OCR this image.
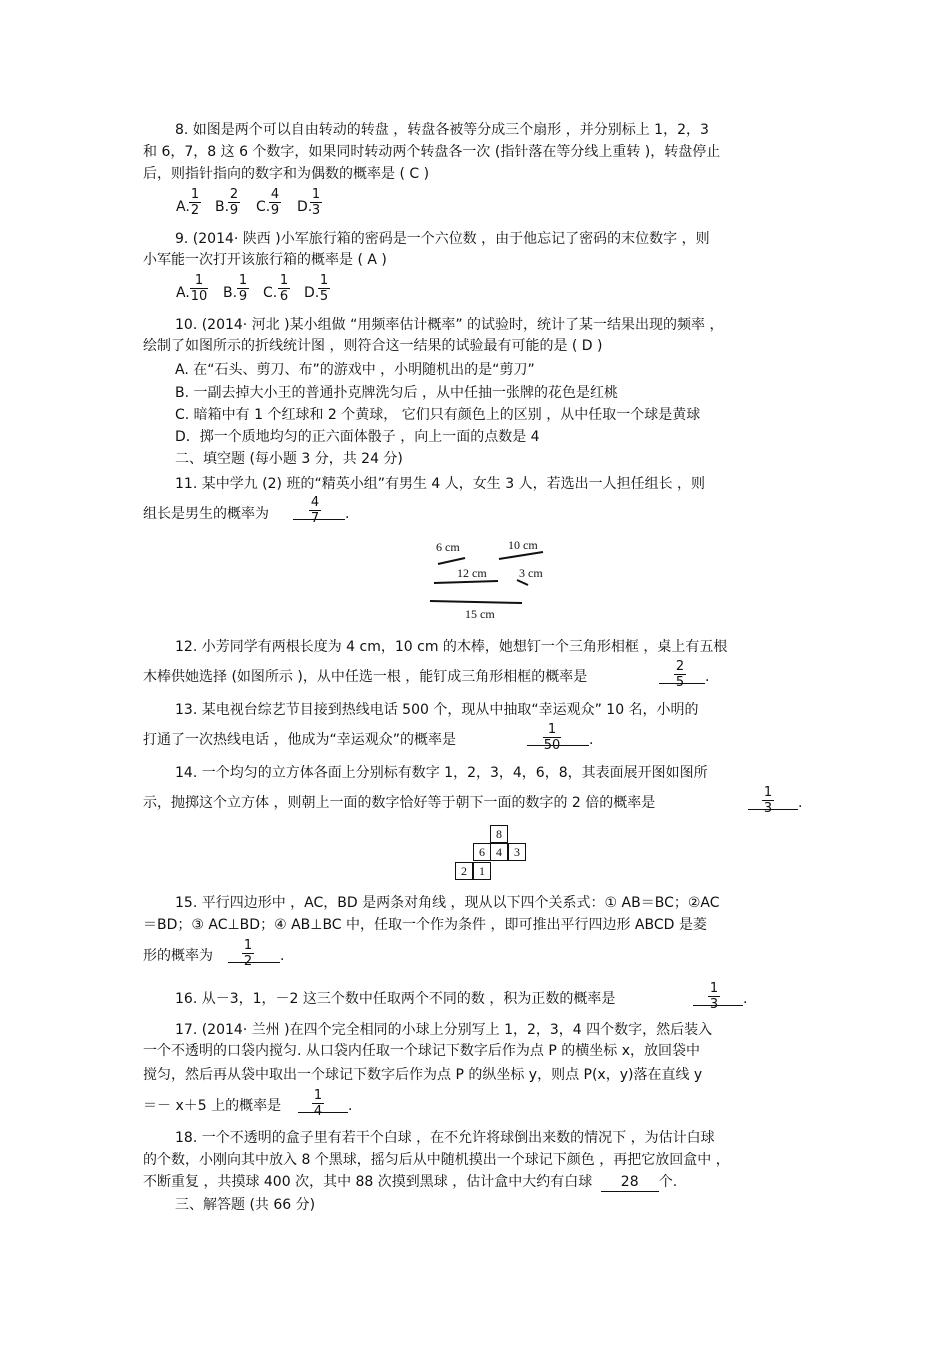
8. 如图是两个可以自由转动的转盘 ，转盘各被等分成三个扇形 ，并分别标上 1，2，3
和 6，7，8 这 6 个数字，如果同时转动两个转盘各一次 (指针落在等分线上重转 )，转盘停止
后，则指针指向的数字和为偶数的概率是 ( C )
A. $\frac{1}{2} B$.
$\frac{2}{9} C$.
$\frac{4}{9} D$.
$\frac{1}{3}$
9. (2014· 陕西 )小军旅行箱的密码是一个六位数 ，由于他忘记了密码的末位数字 ，则
小军能一次打开该旅行箱的概率是 ( A )
A. $\frac{1}{10} B$. $\frac{1}{9} C$. $\frac{1}{6} D$.
$\frac{1}{5}$
10. (2014· 河北 )某小组做 “用频率估计概率” 的试验时，统计了某一结果出现的频率 ，
绘制了如图所示的折线统计图 ，则符合这一结果的试验最有可能的是 ( D )
A. 在“石头、剪刀、布”的游戏中 ，小明随机出的是“剪刀”
B. 一副去掉大小王的普通扑克牌洗匀后 ，从中任抽一张牌的花色是红桃
C. 暗箱中有 1 个红球和 2 个黄球， 它们只有颜色上的区别 ，从中任取一个球是黄球
D．掷一个质地均匀的正六面体骰子 ，向上一面的点数是 4
二、填空题 (每小题 3 分，共 24 分)
11. 某中学九 (2) 班的“精英小组”有男生 4 人，女生 3 人，若选出一人担任组长 ，则
组长是男生的概率为	$\frac{4}{7}$ .
6 cm	10 cm
12 cm	3 cm
15 cm
12. 小芳同学有两根长度为 4 cm，10 cm 的木棒，她想钉一个三角形相框 ，桌上有五根
木棒供她选择 (如图所示 )，从中任选一根 ，能钉成三角形相框的概率是	$\frac{2}{5}$ .
13. 某电视台综艺节目接到热线电话 500 个，现从中抽取“幸运观众” 10 名，小明的
打通了一次热线电话 ，他成为“幸运观众”的概率是	$\frac{1}{50}$ .
14. 一个均匀的立方体各面上分别标有数字 1，2，3，4，6，8，其表面展开图如图所
示，抛掷这个立方体 ，则朝上一面的数字恰好等于朝下一面的数字的 2 倍的概率是	$\frac{1}{3}$ .
8
6 4	3
2	1
15. 平行四边形中 ，AC，BD 是两条对角线 ，现从以下四个关系式：① AB＝BC；②AC
＝BD；③ AC⊥BD；④ AB⊥BC 中，任取一个作为条件 ，即可推出平行四边形 ABCD 是菱
形的概率为 $\frac{1}{2}$ .
16. 从－3，1，－2 这三个数中任取两个不同的数 ，积为正数的概率是	$\frac{1}{3}$ .
17. (2014· 兰州 )在四个完全相同的小球上分别写上 1，2，3，4 四个数字，然后装入
一个不透明的口袋内搅匀. 从口袋内任取一个球记下数字后作为点 P 的横坐标 x，放回袋中
搅匀，然后再从袋中取出一个球记下数字后作为点 P 的纵坐标 y，则点 P(x，y)落在直线 y
＝－ x＋5 上的概率是 $\frac{1}{4}$ .
18. 一个不透明的盒子里有若干个白球 ，在不允许将球倒出来数的情况下 ，为估计白球
的个数，小刚向其中放入 8 个黑球，摇匀后从中随机摸出一个球记下颜色 ，再把它放回盒中 ，
不断重复 ，共摸球 400 次，其中 88 次摸到黑球 ，估计盒中大约有白球 28 个.
三、解答题 (共 66 分)
